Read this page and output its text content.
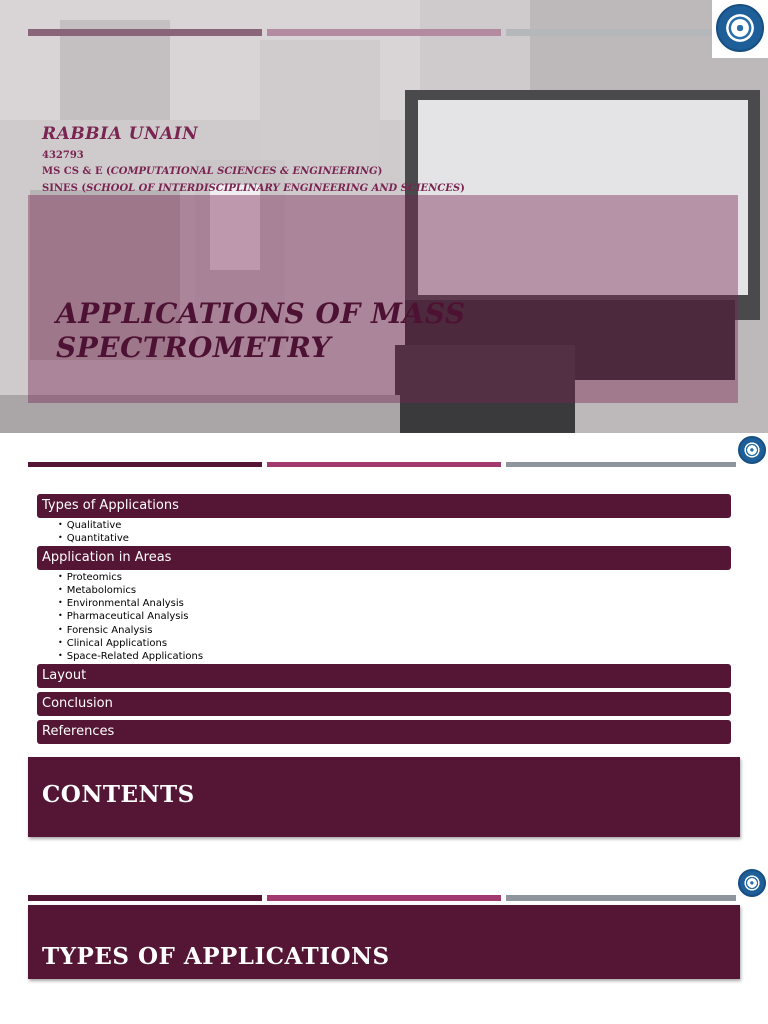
RABBIA UNAIN
432793
MS CS & E (COMPUTATIONAL SCIENCES & ENGINEERING)
SINES (SCHOOL OF INTERDISCIPLINARY ENGINEERING AND SCIENCES)
APPLICATIONS OF MASS SPECTROMETRY
Types of Applications
• Qualitative
• Quantitative
Application in Areas
• Proteomics
• Metabolomics
• Environmental Analysis
• Pharmaceutical Analysis
• Forensic Analysis
• Clinical Applications
• Space-Related Applications
Layout
Conclusion
References
CONTENTS
TYPES OF APPLICATIONS
